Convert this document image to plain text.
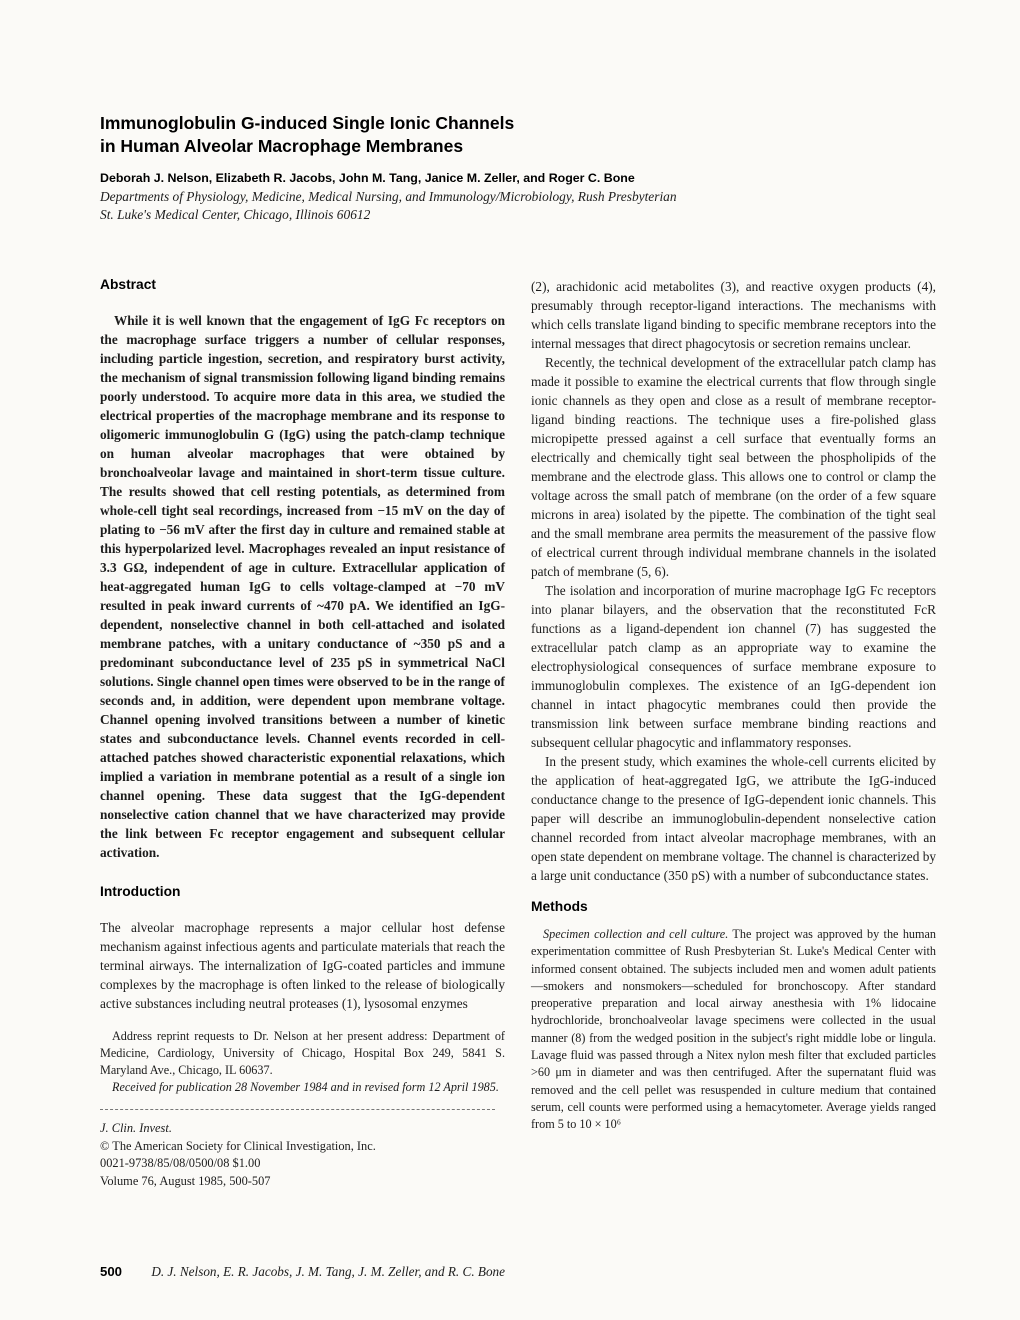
Immunoglobulin G-induced Single Ionic Channels
in Human Alveolar Macrophage Membranes

Deborah J. Nelson, Elizabeth R. Jacobs, John M. Tang, Janice M. Zeller, and Roger C. Bone

Departments of Physiology, Medicine, Medical Nursing, and Immunology/Microbiology, Rush Presbyterian
St. Luke's Medical Center, Chicago, Illinois 60612

Abstract

While it is well known that the engagement of IgG Fc receptors on the macrophage surface triggers a number of cellular responses, including particle ingestion, secretion, and respiratory burst activity, the mechanism of signal transmission following ligand binding remains poorly understood. To acquire more data in this area, we studied the electrical properties of the macrophage membrane and its response to oligomeric immunoglobulin G (IgG) using the patch-clamp technique on human alveolar macrophages that were obtained by bronchoalveolar lavage and maintained in short-term tissue culture. The results showed that cell resting potentials, as determined from whole-cell tight seal recordings, increased from −15 mV on the day of plating to −56 mV after the first day in culture and remained stable at this hyperpolarized level. Macrophages revealed an input resistance of 3.3 GΩ, independent of age in culture. Extracellular application of heat-aggregated human IgG to cells voltage-clamped at −70 mV resulted in peak inward currents of ~470 pA. We identified an IgG-dependent, nonselective channel in both cell-attached and isolated membrane patches, with a unitary conductance of ~350 pS and a predominant subconductance level of 235 pS in symmetrical NaCl solutions. Single channel open times were observed to be in the range of seconds and, in addition, were dependent upon membrane voltage. Channel opening involved transitions between a number of kinetic states and subconductance levels. Channel events recorded in cell-attached patches showed characteristic exponential relaxations, which implied a variation in membrane potential as a result of a single ion channel opening. These data suggest that the IgG-dependent nonselective cation channel that we have characterized may provide the link between Fc receptor engagement and subsequent cellular activation.

Introduction

The alveolar macrophage represents a major cellular host defense mechanism against infectious agents and particulate materials that reach the terminal airways. The internalization of IgG-coated particles and immune complexes by the macrophage is often linked to the release of biologically active substances including neutral proteases (1), lysosomal enzymes

Address reprint requests to Dr. Nelson at her present address: Department of Medicine, Cardiology, University of Chicago, Hospital Box 249, 5841 S. Maryland Ave., Chicago, IL 60637.

Received for publication 28 November 1984 and in revised form 12 April 1985.

J. Clin. Invest.

© The American Society for Clinical Investigation, Inc.

0021-9738/85/08/0500/08 $1.00

Volume 76, August 1985, 500-507

(2), arachidonic acid metabolites (3), and reactive oxygen products (4), presumably through receptor-ligand interactions. The mechanisms with which cells translate ligand binding to specific membrane receptors into the internal messages that direct phagocytosis or secretion remains unclear.

Recently, the technical development of the extracellular patch clamp has made it possible to examine the electrical currents that flow through single ionic channels as they open and close as a result of membrane receptor-ligand binding reactions. The technique uses a fire-polished glass micropipette pressed against a cell surface that eventually forms an electrically and chemically tight seal between the phospholipids of the membrane and the electrode glass. This allows one to control or clamp the voltage across the small patch of membrane (on the order of a few square microns in area) isolated by the pipette. The combination of the tight seal and the small membrane area permits the measurement of the passive flow of electrical current through individual membrane channels in the isolated patch of membrane (5, 6).

The isolation and incorporation of murine macrophage IgG Fc receptors into planar bilayers, and the observation that the reconstituted FcR functions as a ligand-dependent ion channel (7) has suggested the extracellular patch clamp as an appropriate way to examine the electrophysiological consequences of surface membrane exposure to immunoglobulin complexes. The existence of an IgG-dependent ion channel in intact phagocytic membranes could then provide the transmission link between surface membrane binding reactions and subsequent cellular phagocytic and inflammatory responses.

In the present study, which examines the whole-cell currents elicited by the application of heat-aggregated IgG, we attribute the IgG-induced conductance change to the presence of IgG-dependent ionic channels. This paper will describe an immunoglobulin-dependent nonselective cation channel recorded from intact alveolar macrophage membranes, with an open state dependent on membrane voltage. The channel is characterized by a large unit conductance (350 pS) with a number of subconductance states.

Methods

Specimen collection and cell culture. The project was approved by the human experimentation committee of Rush Presbyterian St. Luke's Medical Center with informed consent obtained. The subjects included men and women adult patients—smokers and nonsmokers—scheduled for bronchoscopy. After standard preoperative preparation and local airway anesthesia with 1% lidocaine hydrochloride, bronchoalveolar lavage specimens were collected in the usual manner (8) from the wedged position in the subject's right middle lobe or lingula. Lavage fluid was passed through a Nitex nylon mesh filter that excluded particles >60 μm in diameter and was then centrifuged. After the supernatant fluid was removed and the cell pellet was resuspended in culture medium that contained serum, cell counts were performed using a hemacytometer. Average yields ranged from 5 to 10 × 10⁶

500 D. J. Nelson, E. R. Jacobs, J. M. Tang, J. M. Zeller, and R. C. Bone
